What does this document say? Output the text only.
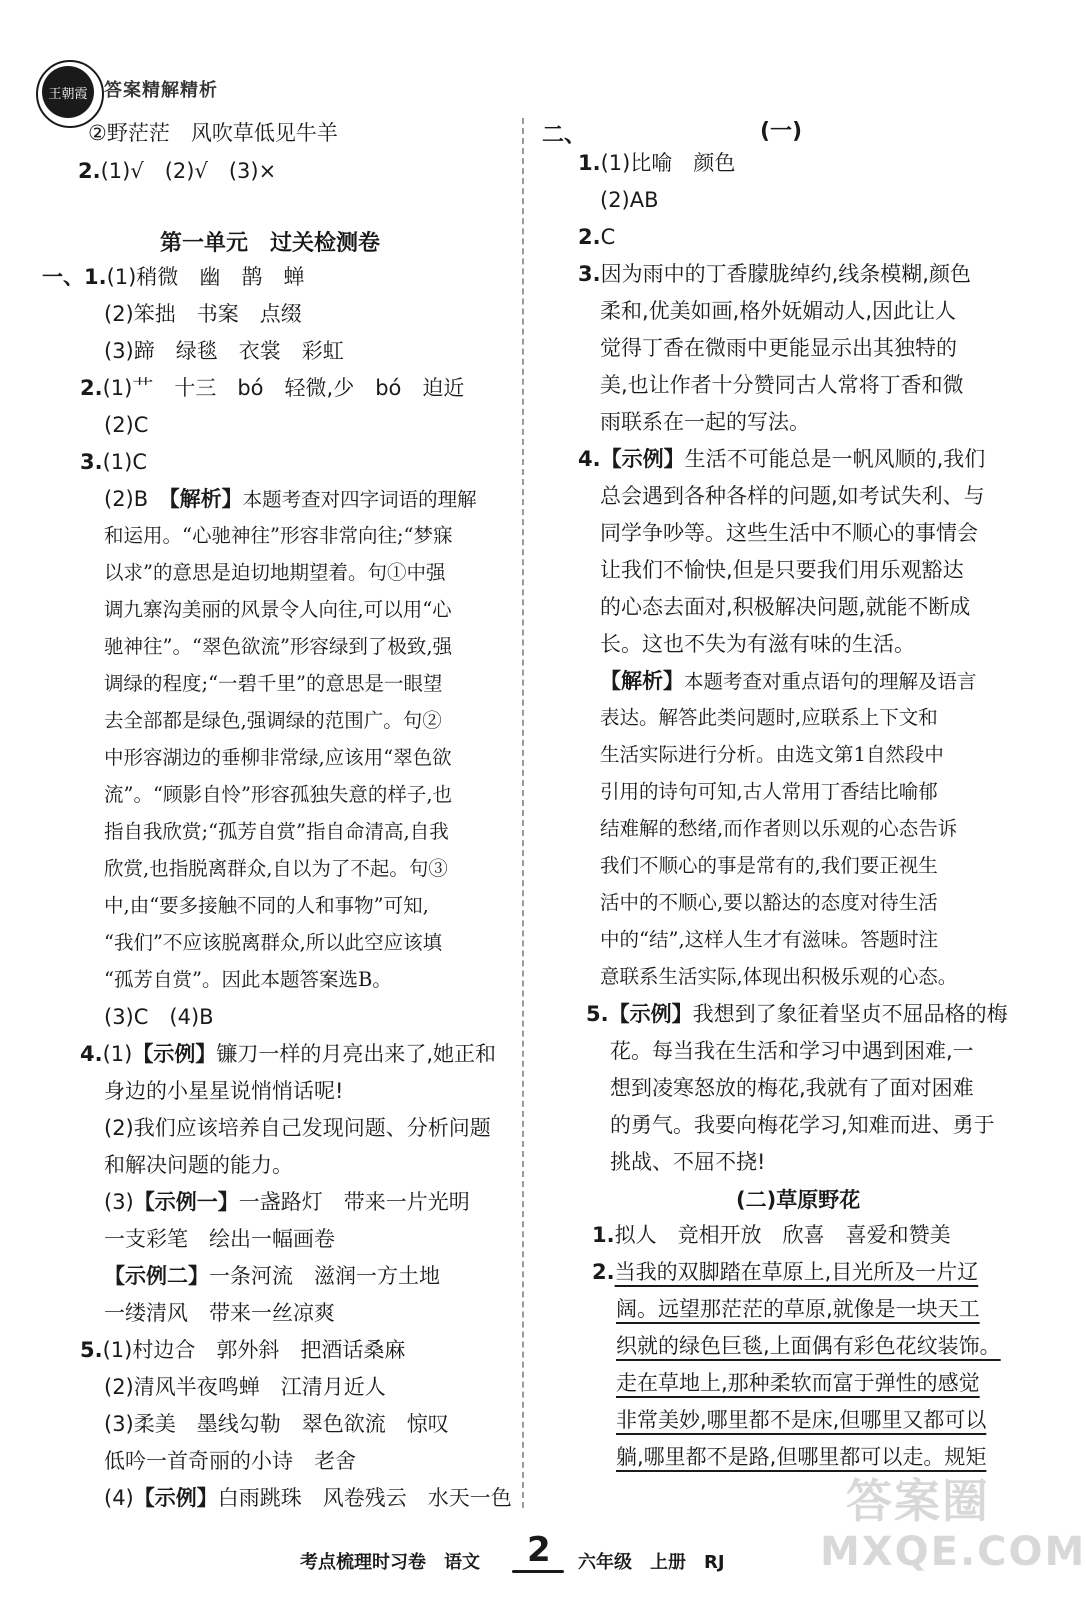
王朝霞 答案精解精析
②野茫茫　风吹草低见牛羊
2.(1)√　(2)√　(3)×
第一单元　过关检测卷
一、1.(1)稍微　幽　鹊　蝉
(2)笨拙　书案　点缀
(3)蹄　绿毯　衣裳　彩虹
2.(1)艹　十三　bó　轻微,少　bó　迫近
(2)C
3.(1)C
(2)B　【解析】本题考查对四字词语的理解
和运用。“心驰神往”形容非常向往;“梦寐
以求”的意思是迫切地期望着。句①中强
调九寨沟美丽的风景令人向往,可以用“心
驰神往”。“翠色欲流”形容绿到了极致,强
调绿的程度;“一碧千里”的意思是一眼望
去全部都是绿色,强调绿的范围广。句②
中形容湖边的垂柳非常绿,应该用“翠色欲
流”。“顾影自怜”形容孤独失意的样子,也
指自我欣赏;“孤芳自赏”指自命清高,自我
欣赏,也指脱离群众,自以为了不起。句③
中,由“要多接触不同的人和事物”可知,
“我们”不应该脱离群众,所以此空应该填
“孤芳自赏”。因此本题答案选B。
(3)C　(4)B
4.(1)【示例】镰刀一样的月亮出来了,她正和
身边的小星星说悄悄话呢!
(2)我们应该培养自己发现问题、分析问题
和解决问题的能力。
(3)【示例一】一盏路灯　带来一片光明
一支彩笔　绘出一幅画卷
【示例二】一条河流　滋润一方土地
一缕清风　带来一丝凉爽
5.(1)村边合　郭外斜　把酒话桑麻
(2)清风半夜鸣蝉　江清月近人
(3)柔美　墨线勾勒　翠色欲流　惊叹
低吟一首奇丽的小诗　老舍
(4)【示例】白雨跳珠　风卷残云　水天一色
二、	(一)
1.(1)比喻　颜色
(2)AB
2.C
3.因为雨中的丁香朦胧绰约,线条模糊,颜色
柔和,优美如画,格外妩媚动人,因此让人
觉得丁香在微雨中更能显示出其独特的
美,也让作者十分赞同古人常将丁香和微
雨联系在一起的写法。
4.【示例】生活不可能总是一帆风顺的,我们
总会遇到各种各样的问题,如考试失利、与
同学争吵等。这些生活中不顺心的事情会
让我们不愉快,但是只要我们用乐观豁达
的心态去面对,积极解决问题,就能不断成
长。这也不失为有滋有味的生活。
【解析】本题考查对重点语句的理解及语言
表达。解答此类问题时,应联系上下文和
生活实际进行分析。由选文第1自然段中
引用的诗句可知,古人常用丁香结比喻郁
结难解的愁绪,而作者则以乐观的心态告诉
我们不顺心的事是常有的,我们要正视生
活中的不顺心,要以豁达的态度对待生活
中的“结”,这样人生才有滋味。答题时注
意联系生活实际,体现出积极乐观的心态。
5.【示例】我想到了象征着坚贞不屈品格的梅
花。每当我在生活和学习中遇到困难,一
想到凌寒怒放的梅花,我就有了面对困难
的勇气。我要向梅花学习,知难而进、勇于
挑战、不屈不挠!
(二)草原野花
1.拟人　竞相开放　欣喜　喜爱和赞美
2.当我的双脚踏在草原上,目光所及一片辽
阔。远望那茫茫的草原,就像是一块天工
织就的绿色巨毯,上面偶有彩色花纹装饰。
走在草地上,那种柔软而富于弹性的感觉
非常美妙,哪里都不是床,但哪里又都可以
躺,哪里都不是路,但哪里都可以走。规矩
考点梳理时习卷　语文 2 六年级　上册　RJ
答案圈
MXQE.COM
